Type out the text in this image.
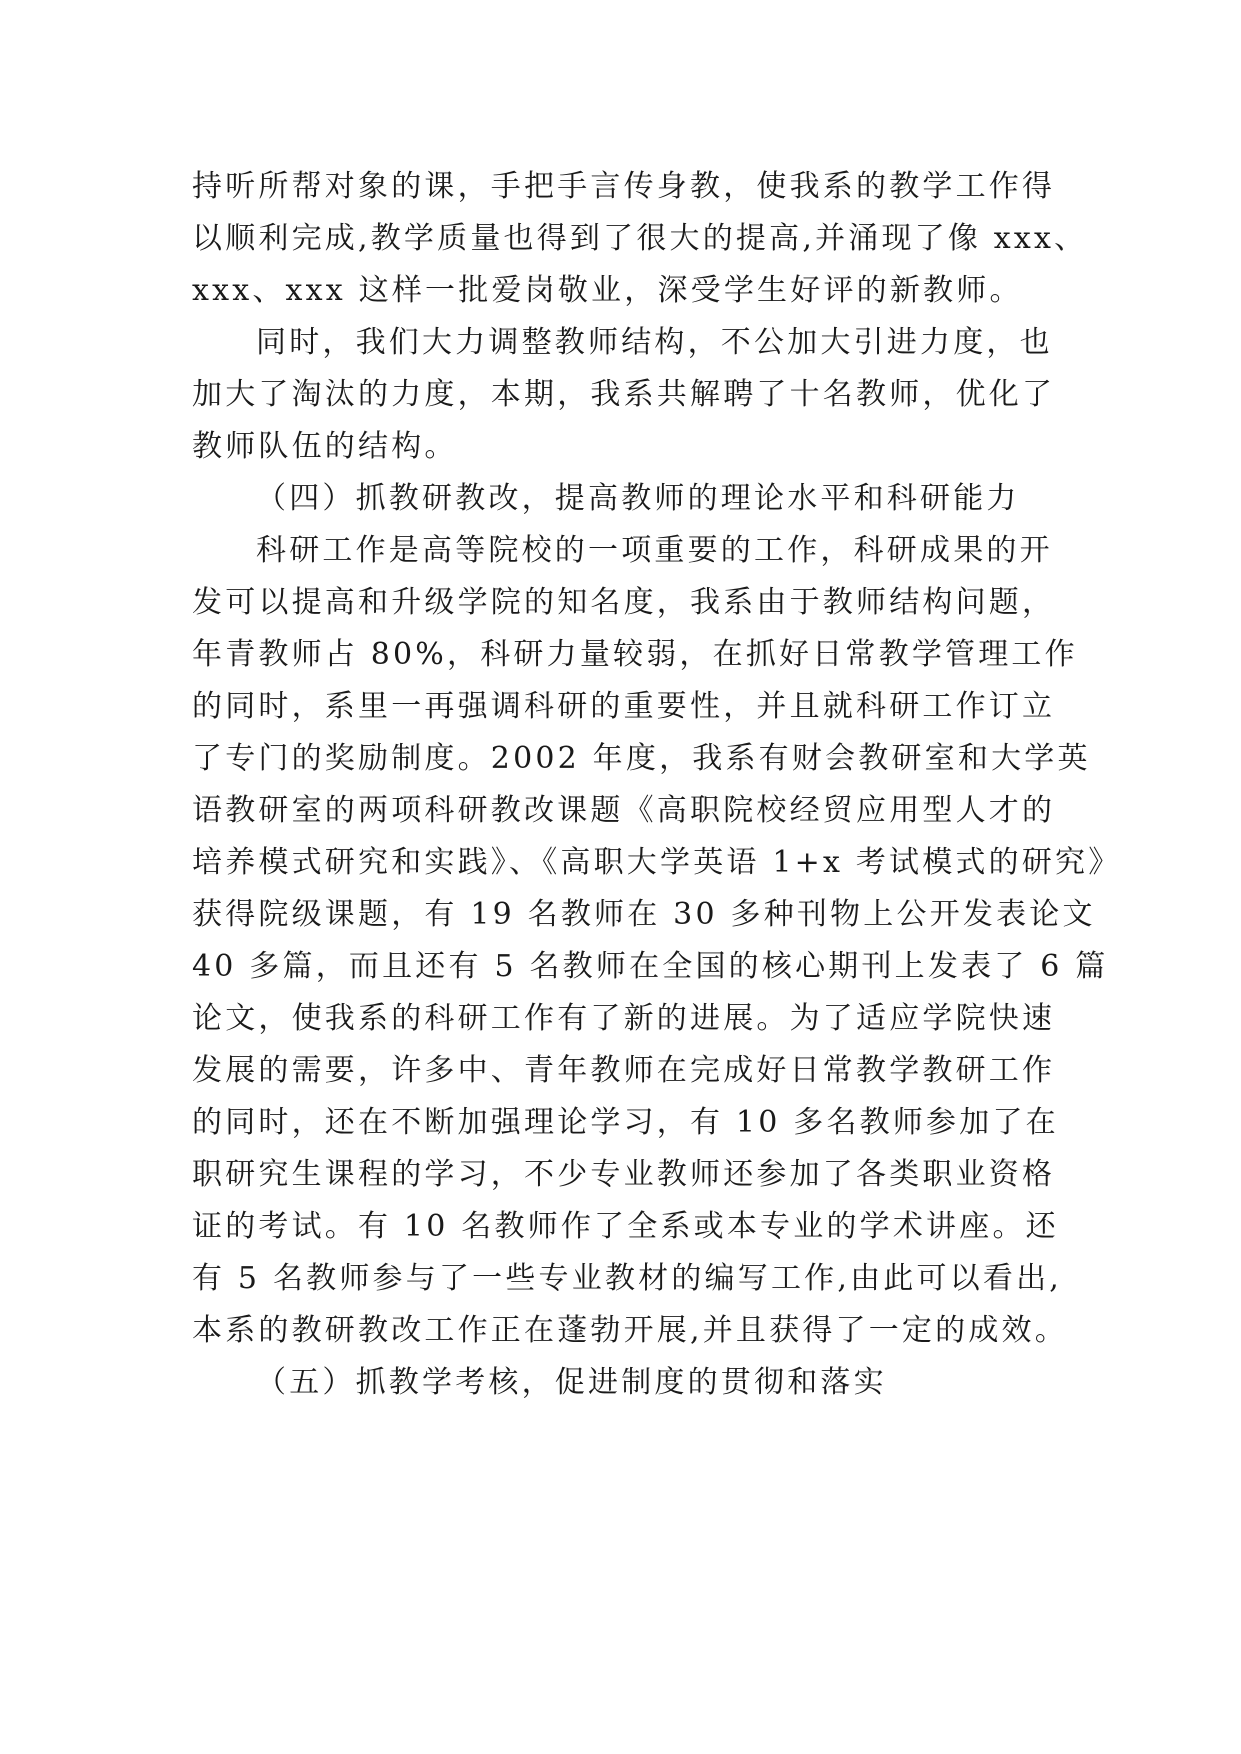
持听所帮对象的课，手把手言传身教，使我系的教学工作得
以顺利完成,教学质量也得到了很大的提高,并涌现了像 xxx、
xxx、xxx 这样一批爱岗敬业，深受学生好评的新教师。
同时，我们大力调整教师结构，不公加大引进力度，也
加大了淘汰的力度，本期，我系共解聘了十名教师，优化了
教师队伍的结构。
（四）抓教研教改，提高教师的理论水平和科研能力
科研工作是高等院校的一项重要的工作，科研成果的开
发可以提高和升级学院的知名度，我系由于教师结构问题，
年青教师占 80%，科研力量较弱，在抓好日常教学管理工作
的同时，系里一再强调科研的重要性，并且就科研工作订立
了专门的奖励制度。2002 年度，我系有财会教研室和大学英
语教研室的两项科研教改课题《高职院校经贸应用型人才的
培养模式研究和实践》、《高职大学英语 1+x 考试模式的研究》
获得院级课题，有 19 名教师在 30 多种刊物上公开发表论文
40 多篇，而且还有 5 名教师在全国的核心期刊上发表了 6 篇
论文，使我系的科研工作有了新的进展。为了适应学院快速
发展的需要，许多中、青年教师在完成好日常教学教研工作
的同时，还在不断加强理论学习，有 10 多名教师参加了在
职研究生课程的学习，不少专业教师还参加了各类职业资格
证的考试。有 10 名教师作了全系或本专业的学术讲座。还
有 5 名教师参与了一些专业教材的编写工作,由此可以看出,
本系的教研教改工作正在蓬勃开展,并且获得了一定的成效。
（五）抓教学考核，促进制度的贯彻和落实
